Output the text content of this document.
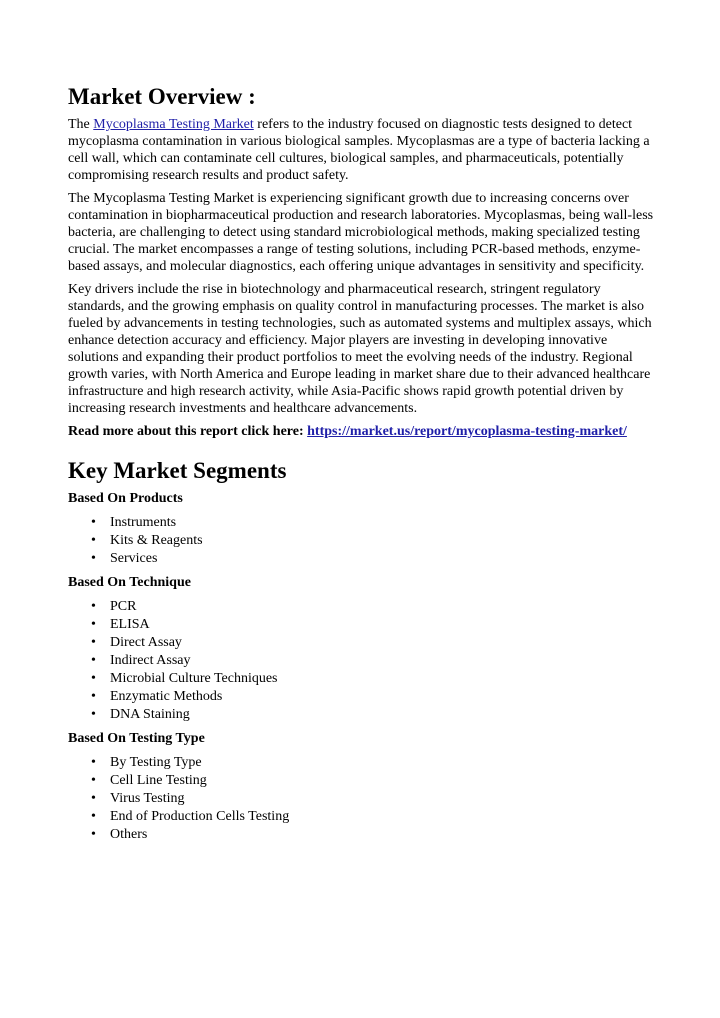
Market Overview :

The Mycoplasma Testing Market refers to the industry focused on diagnostic tests designed to detect mycoplasma contamination in various biological samples. Mycoplasmas are a type of bacteria lacking a cell wall, which can contaminate cell cultures, biological samples, and pharmaceuticals, potentially compromising research results and product safety.

The Mycoplasma Testing Market is experiencing significant growth due to increasing concerns over contamination in biopharmaceutical production and research laboratories. Mycoplasmas, being wall-less bacteria, are challenging to detect using standard microbiological methods, making specialized testing crucial. The market encompasses a range of testing solutions, including PCR-based methods, enzyme-based assays, and molecular diagnostics, each offering unique advantages in sensitivity and specificity.

Key drivers include the rise in biotechnology and pharmaceutical research, stringent regulatory standards, and the growing emphasis on quality control in manufacturing processes. The market is also fueled by advancements in testing technologies, such as automated systems and multiplex assays, which enhance detection accuracy and efficiency. Major players are investing in developing innovative solutions and expanding their product portfolios to meet the evolving needs of the industry. Regional growth varies, with North America and Europe leading in market share due to their advanced healthcare infrastructure and high research activity, while Asia-Pacific shows rapid growth potential driven by increasing research investments and healthcare advancements.

Read more about this report click here: https://market.us/report/mycoplasma-testing-market/

Key Market Segments
Based On Products
• Instruments
• Kits & Reagents
• Services
Based On Technique
• PCR
• ELISA
• Direct Assay
• Indirect Assay
• Microbial Culture Techniques
• Enzymatic Methods
• DNA Staining
Based On Testing Type
• By Testing Type
• Cell Line Testing
• Virus Testing
• End of Production Cells Testing
• Others
